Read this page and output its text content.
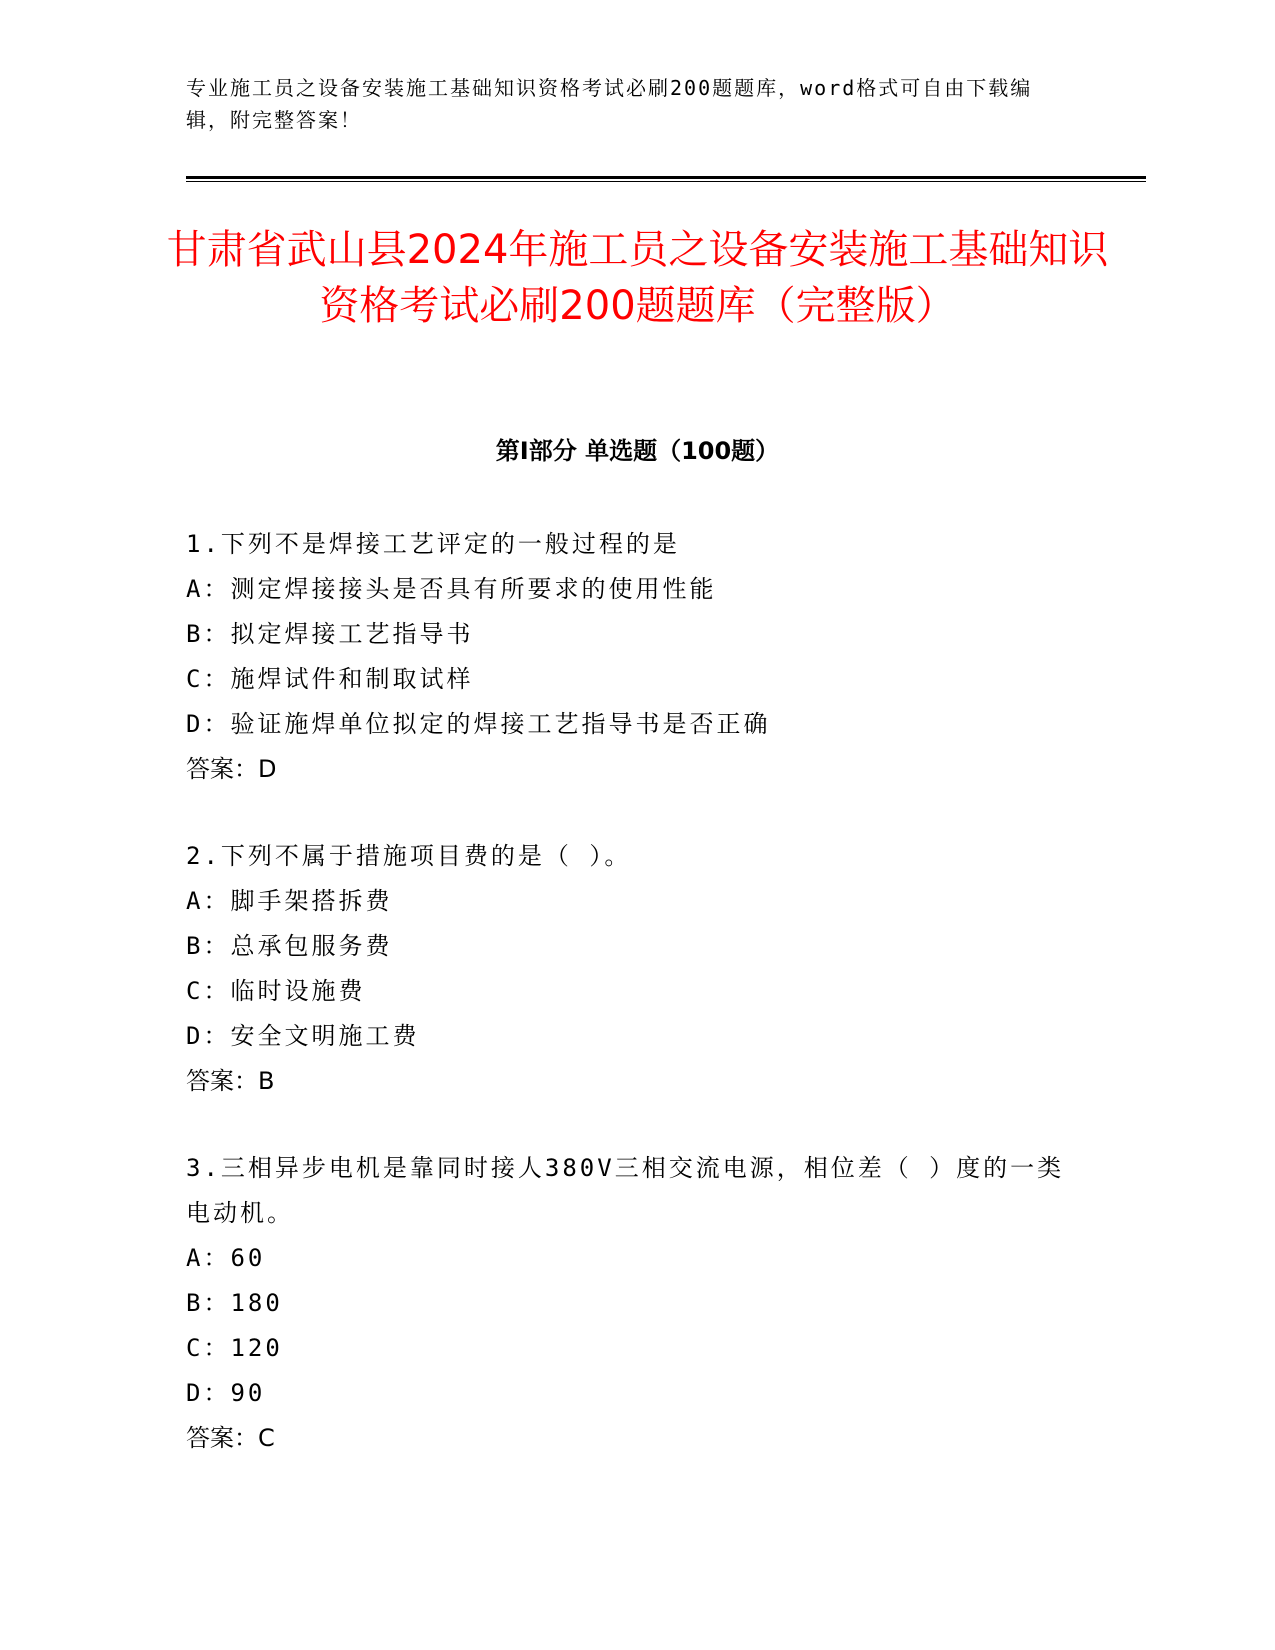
专业施工员之设备安装施工基础知识资格考试必刷200题题库，word格式可自由下载编辑，附完整答案！
甘肃省武山县2024年施工员之设备安装施工基础知识资格考试必刷200题题库（完整版）
第I部分 单选题（100题）
1.下列不是焊接工艺评定的一般过程的是
A：测定焊接接头是否具有所要求的使用性能
B：拟定焊接工艺指导书
C：施焊试件和制取试样
D：验证施焊单位拟定的焊接工艺指导书是否正确
答案：D
2.下列不属于措施项目费的是（ ）。
A：脚手架搭拆费
B：总承包服务费
C：临时设施费
D：安全文明施工费
答案：B
3.三相异步电机是靠同时接人380V三相交流电源，相位差（ ）度的一类电动机。
A：60
B：180
C：120
D：90
答案：C
